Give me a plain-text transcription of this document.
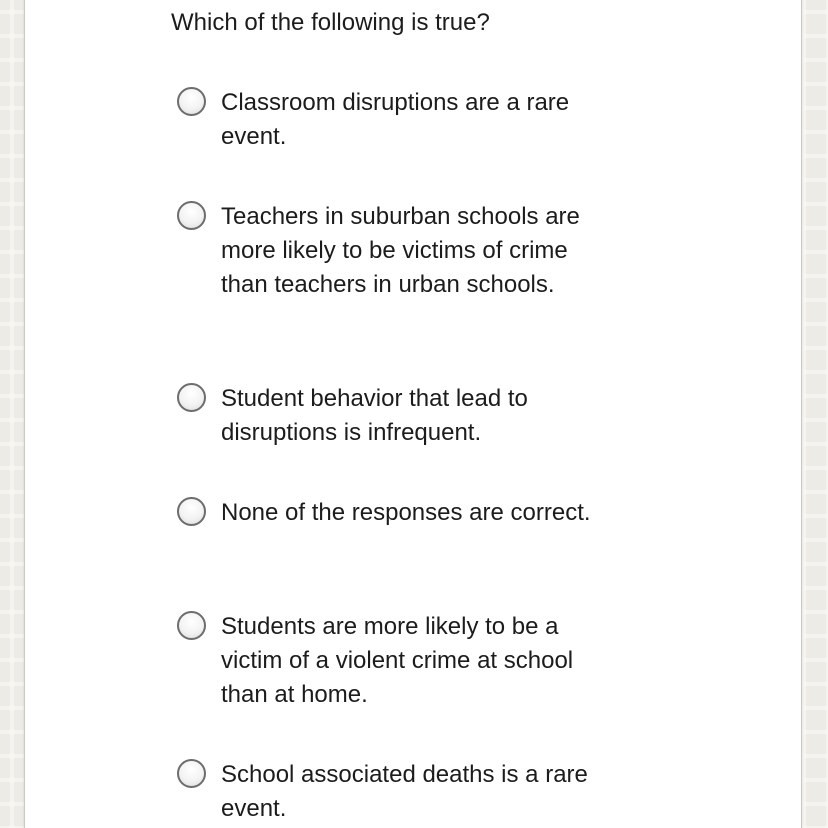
Which of the following is true?
Classroom disruptions are a rare event.
Teachers in suburban schools are more likely to be victims of crime than teachers in urban schools.
Student behavior that lead to disruptions is infrequent.
None of the responses are correct.
Students are more likely to be a victim of a violent crime at school than at home.
School associated deaths is a rare event.
